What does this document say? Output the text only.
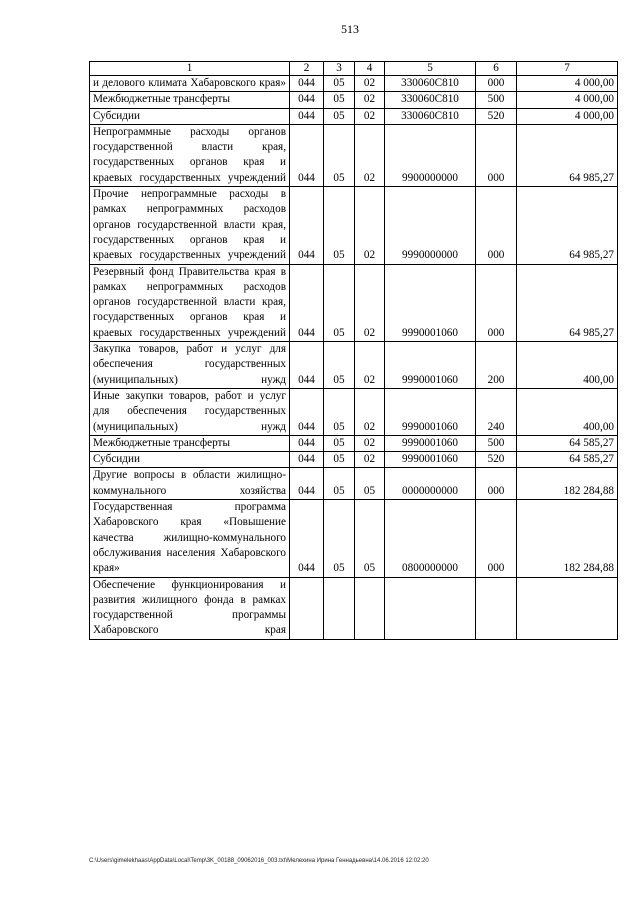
513
1	2	3	4	5	6	7
и делового климата Хабаровского края»	044	05	02	330060С810	000	4 000,00
Межбюджетные трансферты	044	05	02	330060С810	500	4 000,00
Субсидии	044	05	02	330060С810	520	4 000,00
Непрограммные расходы органов государственной власти края, государственных органов края и краевых государственных учреждений	044	05	02	9900000000	000	64 985,27
Прочие непрограммные расходы в рамках непрограммных расходов органов государственной власти края, государственных органов края и краевых государственных учреждений	044	05	02	9990000000	000	64 985,27
Резервный фонд Правительства края в рамках непрограммных расходов органов государственной власти края, государственных органов края и краевых государственных учреждений	044	05	02	9990001060	000	64 985,27
Закупка товаров, работ и услуг для обеспечения государственных (муниципальных) нужд	044	05	02	9990001060	200	400,00
Иные закупки товаров, работ и услуг для обеспечения государственных (муниципальных) нужд	044	05	02	9990001060	240	400,00
Межбюджетные трансферты	044	05	02	9990001060	500	64 585,27
Субсидии	044	05	02	9990001060	520	64 585,27
Другие вопросы в области жилищно-коммунального хозяйства	044	05	05	0000000000	000	182 284,88
Государственная программа Хабаровского края «Повышение качества жилищно-коммунального обслуживания населения Хабаровского края»	044	05	05	0800000000	000	182 284,88
Обеспечение функционирования и развития жилищного фонда в рамках государственной программы Хабаровского края						
C:\Users\gimelekhaas\AppData\Local\Temp\3K_00188_09062016_003.txt\Мелехина Ирина Геннадьевна\14.06.2016 12:02:20
